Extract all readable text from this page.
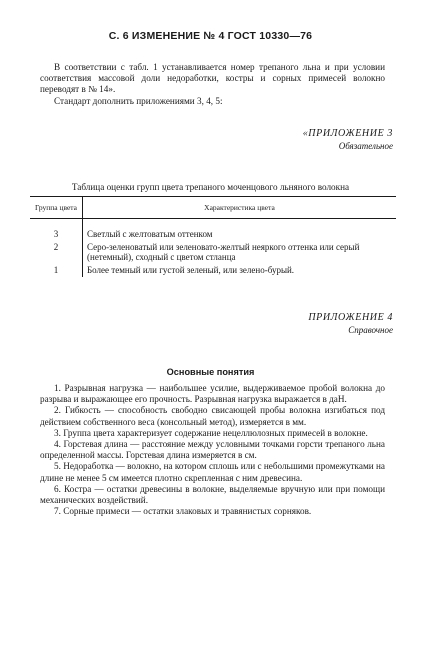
С. 6 ИЗМЕНЕНИЕ № 4 ГОСТ 10330—76

В соответствии с табл. 1 устанавливается номер трепаного льна и при условии соответствия массовой доли недоработки, костры и сорных примесей волокно переводят в № 14».

Стандарт дополнить приложениями 3, 4, 5:

«ПРИЛОЖЕНИЕ 3
Обязательное
Таблица оценки групп цвета трепаного моченцового льняного волокна
Группа цвета	Характеристика цвета
3	Светлый с желтоватым оттенком
2	Серо-зеленоватый или зеленовато-желтый неяркого оттенка или серый (нетемный), сходный с цветом стланца
1	Более темный или густой зеленый, или зелено-бурый.
ПРИЛОЖЕНИЕ 4
Справочное
Основные понятия

1. Разрывная нагрузка — наибольшее усилие, выдерживаемое пробой волокна до разрыва и выражающее его прочность. Разрывная нагрузка выражается в даН.

2. Гибкость — способность свободно свисающей пробы волокна изгибаться под действием собственного веса (консольный метод), измеряется в мм.

3. Группа цвета характеризует содержание нецеллюлозных примесей в волокне.

4. Горстевая длина — расстояние между условными точками горсти трепаного льна определенной массы. Горстевая длина измеряется в см.

5. Недоработка — волокно, на котором сплошь или с небольшими промежутками на длине не менее 5 см имеется плотно скрепленная с ним древесина.

6. Костра — остатки древесины в волокне, выделяемые вручную или при помощи механических воздействий.

7. Сорные примеси — остатки злаковых и травянистых сорняков.
